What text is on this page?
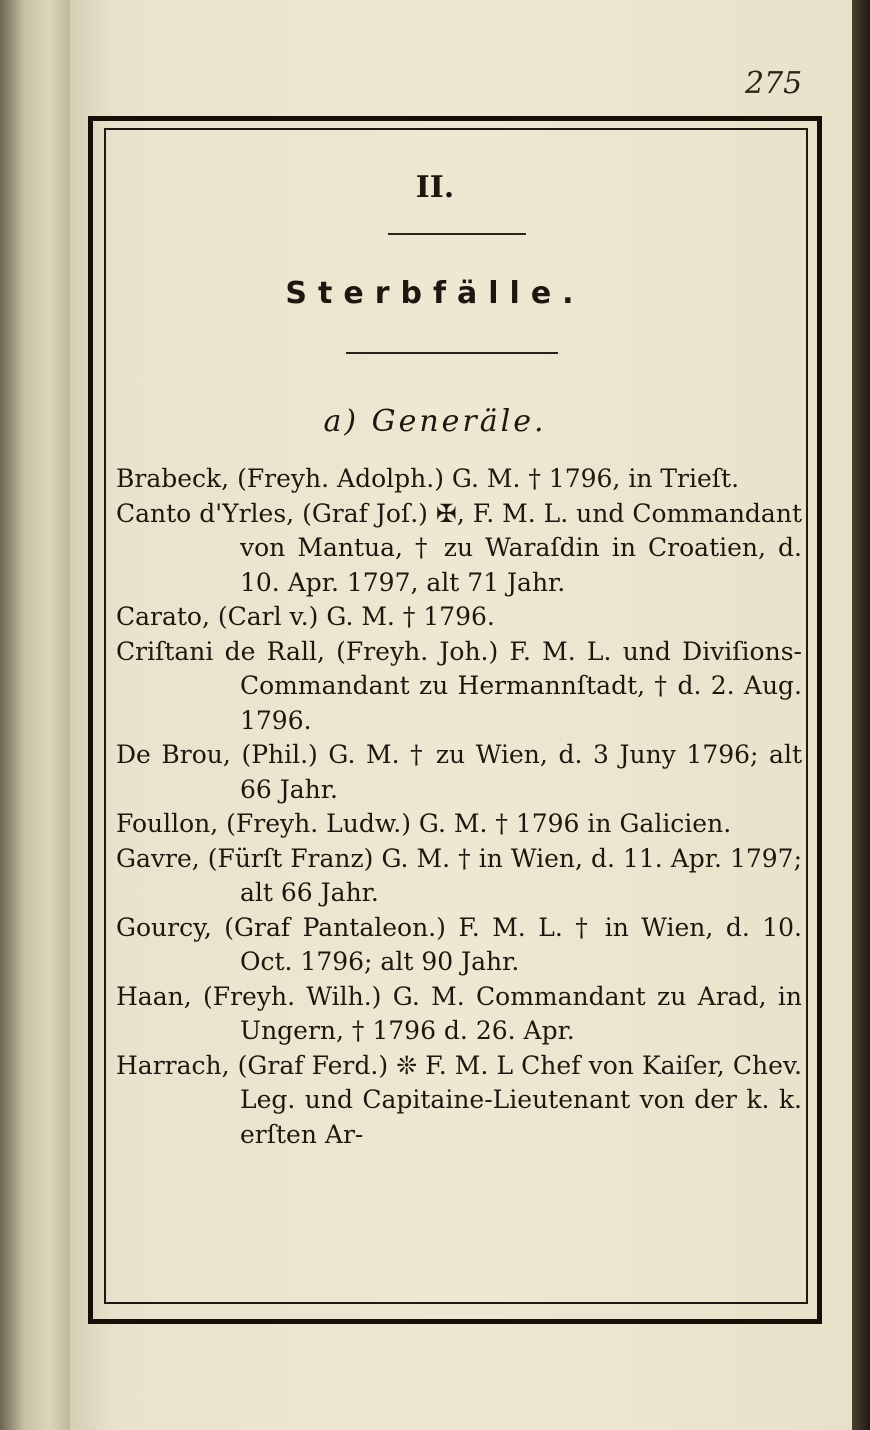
275
II.
Sterbfälle.
a) Generäle.

Brabeck, (Freyh. Adolph.) G. M. † 1796, in Trieſt.

Canto d'Yrles, (Graf Joſ.) ✠, F. M. L. und Commandant von Mantua, † zu Waraſdin in Croatien, d. 10. Apr. 1797, alt 71 Jahr.

Carato, (Carl v.) G. M. † 1796.

Criſtani de Rall, (Freyh. Joh.) F. M. L. und Diviſions-Commandant zu Hermannſtadt, † d. 2. Aug. 1796.

De Brou, (Phil.) G. M. † zu Wien, d. 3 Juny 1796; alt 66 Jahr.

Foullon, (Freyh. Ludw.) G. M. † 1796 in Galicien.

Gavre, (Fürſt Franz) G. M. † in Wien, d. 11. Apr. 1797; alt 66 Jahr.

Gourcy, (Graf Pantaleon.) F. M. L. † in Wien, d. 10. Oct. 1796; alt 90 Jahr.

Haan, (Freyh. Wilh.) G. M. Commandant zu Arad, in Ungern, † 1796 d. 26. Apr.

Harrach, (Graf Ferd.) ❊ F. M. L Chef von Kaiſer, Chev. Leg. und Capitaine-Lieutenant von der k. k. erſten Ar-
